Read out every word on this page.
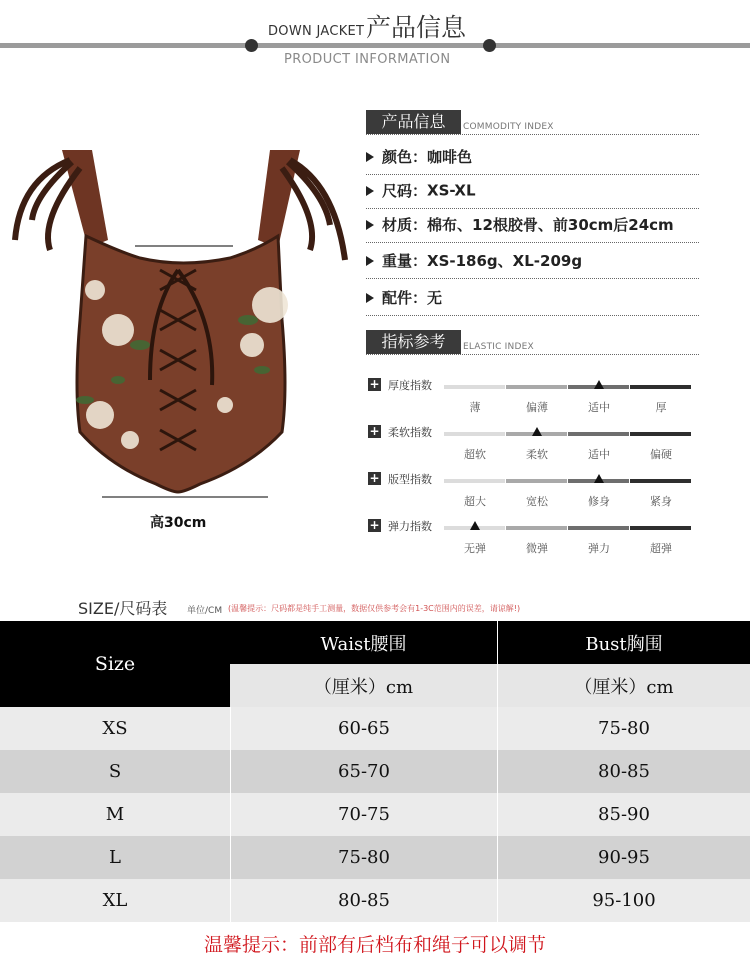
DOWN JACKET 产品信息
PRODUCT INFORMATION
高30cm
产品信息	COMMODITY INDEX
颜色：咖啡色
尺码：XS-XL
材质：棉布、12根胶骨、前30cm后24cm
重量：XS-186g、XL-209g
配件：无
指标参考	ELASTIC INDEX
+ 厚度指数
薄	偏薄	适中	厚
+ 柔软指数
超软	柔软	适中	偏硬
+ 版型指数
超大	宽松	修身	紧身
+ 弹力指数
无弹	微弹	弹力	超弹
SIZE/尺码表 单位/CM (温馨提示：尺码都是纯手工测量，数据仅供参考会有1-3C范围内的误差，请谅解!)
Size
Waist腰围	Bust胸围
（厘米）cm	（厘米）cm
XS	60-65	75-80
S	65-70	80-85
M	70-75	85-90
L	75-80	90-95
XL	80-85	95-100
温馨提示：前部有后档布和绳子可以调节
